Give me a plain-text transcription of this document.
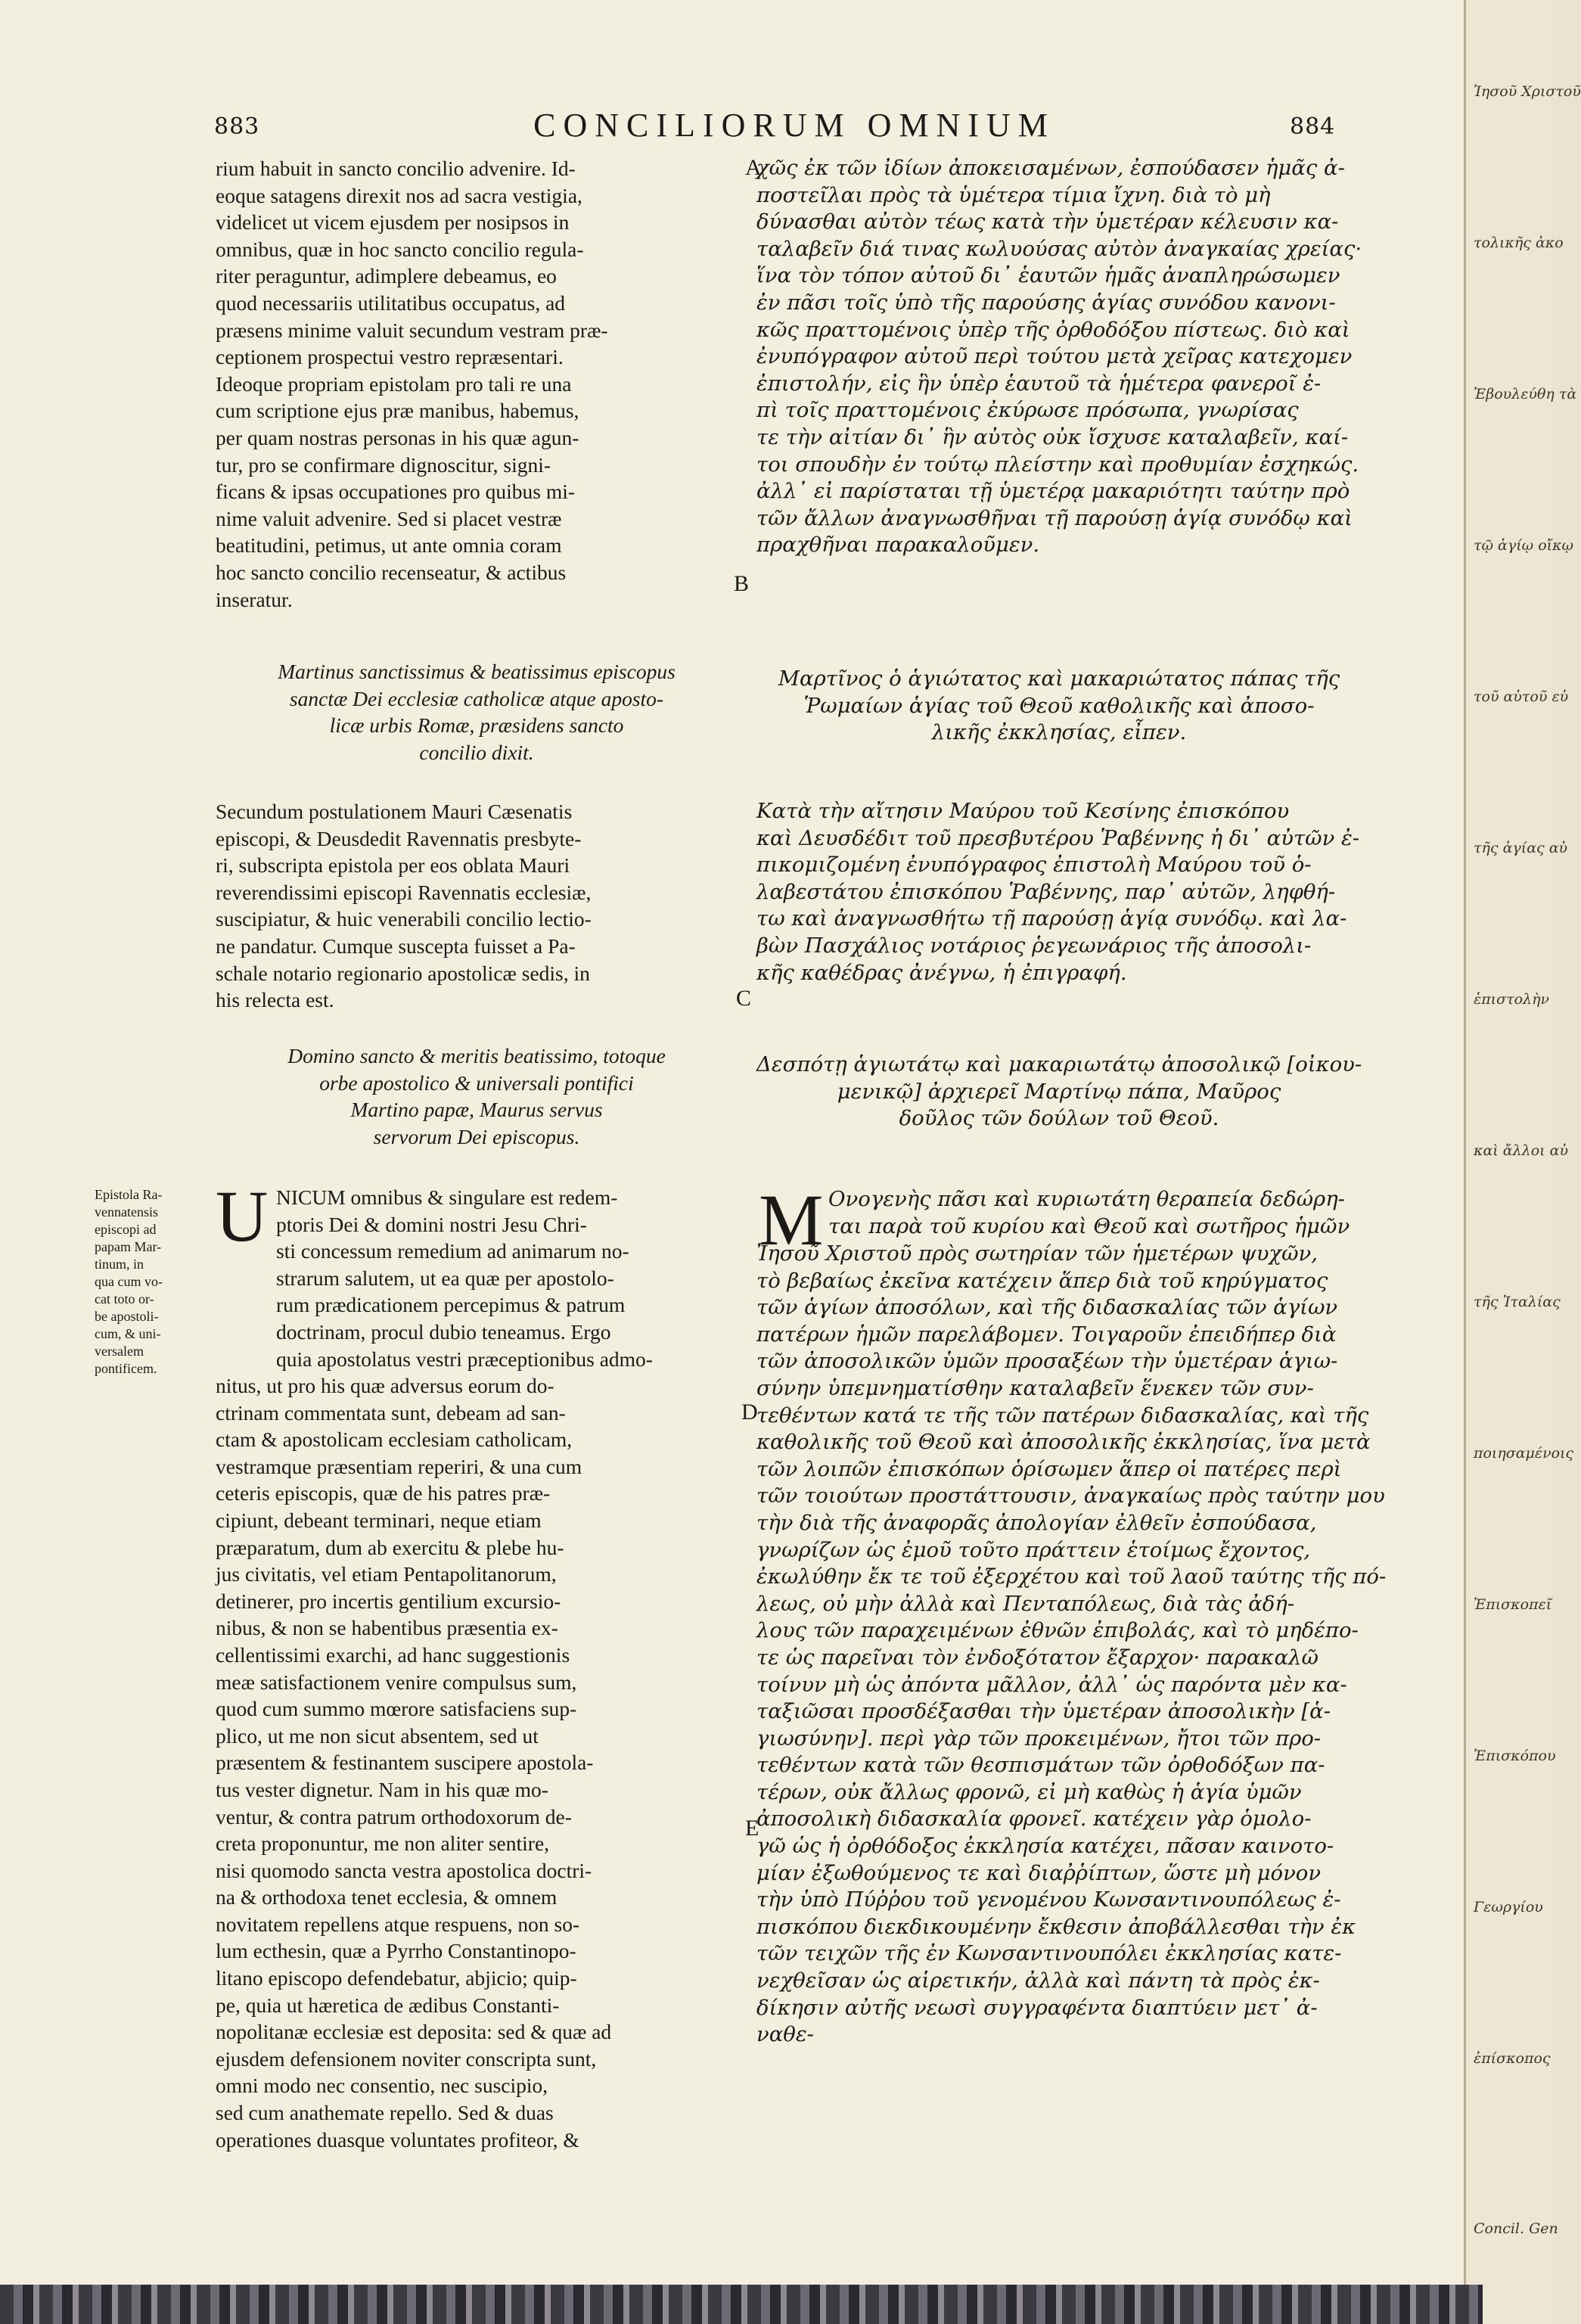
883	CONCILIORUM OMNIUM	884
rium habuit in sancto concilio advenire. Id-
eoque satagens direxit nos ad sacra vestigia,
videlicet ut vicem ejusdem per nosipsos in
omnibus, quæ in hoc sancto concilio regula-
riter peraguntur, adimplere debeamus, eo
quod necessariis utilitatibus occupatus, ad
præsens minime valuit secundum vestram præ-
ceptionem prospectui vestro repræsentari.
Ideoque propriam epistolam pro tali re una
cum scriptione ejus præ manibus, habemus,
per quam nostras personas in his quæ agun-
tur, pro se confirmare dignoscitur, signi-
ficans & ipsas occupationes pro quibus mi-
nime valuit advenire. Sed si placet vestræ
beatitudini, petimus, ut ante omnia coram
hoc sancto concilio recenseatur, & actibus
inseratur.
Martinus sanctissimus & beatissimus episcopus
sanctæ Dei ecclesiæ catholicæ atque aposto-
licæ urbis Romæ, præsidens sancto
concilio dixit.
Secundum postulationem Mauri Cæsenatis
episcopi, & Deusdedit Ravennatis presbyte-
ri, subscripta epistola per eos oblata Mauri
reverendissimi episcopi Ravennatis ecclesiæ,
suscipiatur, & huic venerabili concilio lectio-
ne pandatur. Cumque suscepta fuisset a Pa-
schale notario regionario apostolicæ sedis, in
his relecta est.
Domino sancto & meritis beatissimo, totoque
orbe apostolico & universali pontifici
Martino papæ, Maurus servus
servorum Dei episcopus.
U NICUM omnibus & singulare est redem-
ptoris Dei & domini nostri Jesu Chri-
sti concessum remedium ad animarum no-
strarum salutem, ut ea quæ per apostolo-
rum prædicationem percepimus & patrum
doctrinam, procul dubio teneamus. Ergo
quia apostolatus vestri præceptionibus admo-
nitus, ut pro his quæ adversus eorum do-
ctrinam commentata sunt, debeam ad san-
ctam & apostolicam ecclesiam catholicam,
vestramque præsentiam reperiri, & una cum
ceteris episcopis, quæ de his patres præ-
cipiunt, debeant terminari, neque etiam
præparatum, dum ab exercitu & plebe hu-
jus civitatis, vel etiam Pentapolitanorum,
detinerer, pro incertis gentilium excursio-
nibus, & non se habentibus præsentia ex-
cellentissimi exarchi, ad hanc suggestionis
meæ satisfactionem venire compulsus sum,
quod cum summo mœrore satisfaciens sup-
plico, ut me non sicut absentem, sed ut
præsentem & festinantem suscipere apostola-
tus vester dignetur. Nam in his quæ mo-
ventur, & contra patrum orthodoxorum de-
creta proponuntur, me non aliter sentire,
nisi quomodo sancta vestra apostolica doctri-
na & orthodoxa tenet ecclesia, & omnem
novitatem repellens atque respuens, non so-
lum ecthesin, quæ a Pyrrho Constantinopo-
litano episcopo defendebatur, abjicio; quip-
pe, quia ut hæretica de ædibus Constanti-
nopolitanæ ecclesiæ est deposita: sed & quæ ad
ejusdem defensionem noviter conscripta sunt,
omni modo nec consentio, nec suscipio,
sed cum anathemate repello. Sed & duas
operationes duasque voluntates profiteor, &
Epistola Ra-
vennatensis
episcopi ad
papam Mar-
tinum, in
qua cum vo-
cat toto or-
be apostoli-
cum, & uni-
versalem
pontificem.
A
B
C
D
E
χῶς ἐκ τῶν ἰδίων ἀποκεισαμένων, ἐσπούδασεν ἡμᾶς ἀ-
ποστεῖλαι πρὸς τὰ ὑμέτερα τίμια ἴχνη. διὰ τὸ μὴ
δύνασθαι αὐτὸν τέως κατὰ τὴν ὑμετέραν κέλευσιν κα-
ταλαβεῖν διά τινας κωλυούσας αὐτὸν ἀναγκαίας χρείας·
ἵνα τὸν τόπον αὐτοῦ δι᾽ ἑαυτῶν ἡμᾶς ἀναπληρώσωμεν
ἐν πᾶσι τοῖς ὑπὸ τῆς παρούσης ἁγίας συνόδου κανονι-
κῶς πραττομένοις ὑπὲρ τῆς ὀρθοδόξου πίστεως. διὸ καὶ
ἐνυπόγραφον αὐτοῦ περὶ τούτου μετὰ χεῖρας κατεχομεν
ἐπιστολήν, εἰς ἣν ὑπὲρ ἑαυτοῦ τὰ ἡμέτερα φανεροῖ ἐ-
πὶ τοῖς πραττομένοις ἐκύρωσε πρόσωπα, γνωρίσας
τε τὴν αἰτίαν δι᾽ ἣν αὐτὸς οὐκ ἴσχυσε καταλαβεῖν, καί-
τοι σπουδὴν ἐν τούτῳ πλείστην καὶ προθυμίαν ἐσχηκώς.
ἀλλ᾽ εἰ παρίσταται τῇ ὑμετέρᾳ μακαριότητι ταύτην πρὸ
τῶν ἄλλων ἀναγνωσθῆναι τῇ παρούσῃ ἁγίᾳ συνόδῳ καὶ
πραχθῆναι παρακαλοῦμεν.
Μαρτῖνος ὁ ἁγιώτατος καὶ μακαριώτατος πάπας τῆς
Ῥωμαίων ἁγίας τοῦ Θεοῦ καθολικῆς καὶ ἀποσο-
λικῆς ἐκκλησίας, εἶπεν.
Κατὰ τὴν αἴτησιν Μαύρου τοῦ Κεσίνης ἐπισκόπου
καὶ Δευσδέδιτ τοῦ πρεσβυτέρου Ῥαβέννης ἡ δι᾽ αὐτῶν ἐ-
πικομιζομένη ἐνυπόγραφος ἐπιστολὴ Μαύρου τοῦ ὁ-
λαβεστάτου ἐπισκόπου Ῥαβέννης, παρ᾽ αὐτῶν, ληφθή-
τω καὶ ἀναγνωσθήτω τῇ παρούσῃ ἁγίᾳ συνόδῳ. καὶ λα-
βὼν Πασχάλιος νοτάριος ῥεγεωνάριος τῆς ἀποσολι-
κῆς καθέδρας ἀνέγνω, ἡ ἐπιγραφή.
Δεσπότῃ ἁγιωτάτῳ καὶ μακαριωτάτῳ ἀποσολικῷ [οἰκου-
μενικῷ] ἀρχιερεῖ Μαρτίνῳ πάπα, Μαῦρος
δοῦλος τῶν δούλων τοῦ Θεοῦ.
M Ονογενὴς πᾶσι καὶ κυριωτάτη θεραπεία δεδώρη-
ται παρὰ τοῦ κυρίου καὶ Θεοῦ καὶ σωτῆρος ἡμῶν
Ἰησοῦ Χριστοῦ πρὸς σωτηρίαν τῶν ἡμετέρων ψυχῶν,
τὸ βεβαίως ἐκεῖνα κατέχειν ἅπερ διὰ τοῦ κηρύγματος
τῶν ἁγίων ἀποσόλων, καὶ τῆς διδασκαλίας τῶν ἁγίων
πατέρων ἡμῶν παρελάβομεν. Τοιγαροῦν ἐπειδήπερ διὰ
τῶν ἀποσολικῶν ὑμῶν προσαξέων τὴν ὑμετέραν ἁγιω-
σύνην ὑπεμνηματίσθην καταλαβεῖν ἕνεκεν τῶν συν-
τεθέντων κατά τε τῆς τῶν πατέρων διδασκαλίας, καὶ τῆς
καθολικῆς τοῦ Θεοῦ καὶ ἀποσολικῆς ἐκκλησίας, ἵνα μετὰ
τῶν λοιπῶν ἐπισκόπων ὁρίσωμεν ἅπερ οἱ πατέρες περὶ
τῶν τοιούτων προστάττουσιν, ἀναγκαίως πρὸς ταύτην μου
τὴν διὰ τῆς ἀναφορᾶς ἀπολογίαν ἐλθεῖν ἐσπούδασα,
γνωρίζων ὡς ἐμοῦ τοῦτο πράττειν ἑτοίμως ἔχοντος,
ἐκωλύθην ἔκ τε τοῦ ἐξερχέτου καὶ τοῦ λαοῦ ταύτης τῆς πό-
λεως, οὐ μὴν ἀλλὰ καὶ Πενταπόλεως, διὰ τὰς ἀδή-
λους τῶν παραχειμένων ἐθνῶν ἐπιβολάς, καὶ τὸ μηδέπο-
τε ὡς παρεῖναι τὸν ἐνδοξότατον ἔξαρχον· παρακαλῶ
τοίνυν μὴ ὡς ἀπόντα μᾶλλον, ἀλλ᾽ ὡς παρόντα μὲν κα-
ταξιῶσαι προσδέξασθαι τὴν ὑμετέραν ἀποσολικὴν [ἁ-
γιωσύνην]. περὶ γὰρ τῶν προκειμένων, ἤτοι τῶν προ-
τεθέντων κατὰ τῶν θεσπισμάτων τῶν ὀρθοδόξων πα-
τέρων, οὐκ ἄλλως φρονῶ, εἰ μὴ καθὼς ἡ ἁγία ὑμῶν
ἀποσολικὴ διδασκαλία φρονεῖ. κατέχειν γὰρ ὁμολο-
γῶ ὡς ἡ ὀρθόδοξος ἐκκλησία κατέχει, πᾶσαν καινοτο-
μίαν ἐξωθούμενος τε καὶ διαῤῥίπτων, ὥστε μὴ μόνον
τὴν ὑπὸ Πύῤῥου τοῦ γενομένου Κωνσαντινουπόλεως ἐ-
πισκόπου διεκδικουμένην ἔκθεσιν ἀποβάλλεσθαι τὴν ἐκ
τῶν τειχῶν τῆς ἐν Κωνσαντινουπόλει ἐκκλησίας κατε-
νεχθεῖσαν ὡς αἱρετικήν, ἀλλὰ καὶ πάντη τὰ πρὸς ἐκ-
δίκησιν αὐτῆς νεωσὶ συγγραφέντα διαπτύειν μετ᾽ ἀ-
ναθε-
Ἰησοῦ Χριστοῦ
τολικῆς ἀκο
Ἐβουλεύθη τὰ
τῷ ἁγίῳ οἴκῳ
τοῦ αὐτοῦ εὐ
τῆς ἁγίας αὐ
ἐπιστολὴν
καὶ ἄλλοι αὐ
τῆς Ἰταλίας
ποιησαμένοις
Ἐπισκοπεῖ
Ἐπισκόπου
Γεωργίου
ἐπίσκοπος
Concil. Gen
